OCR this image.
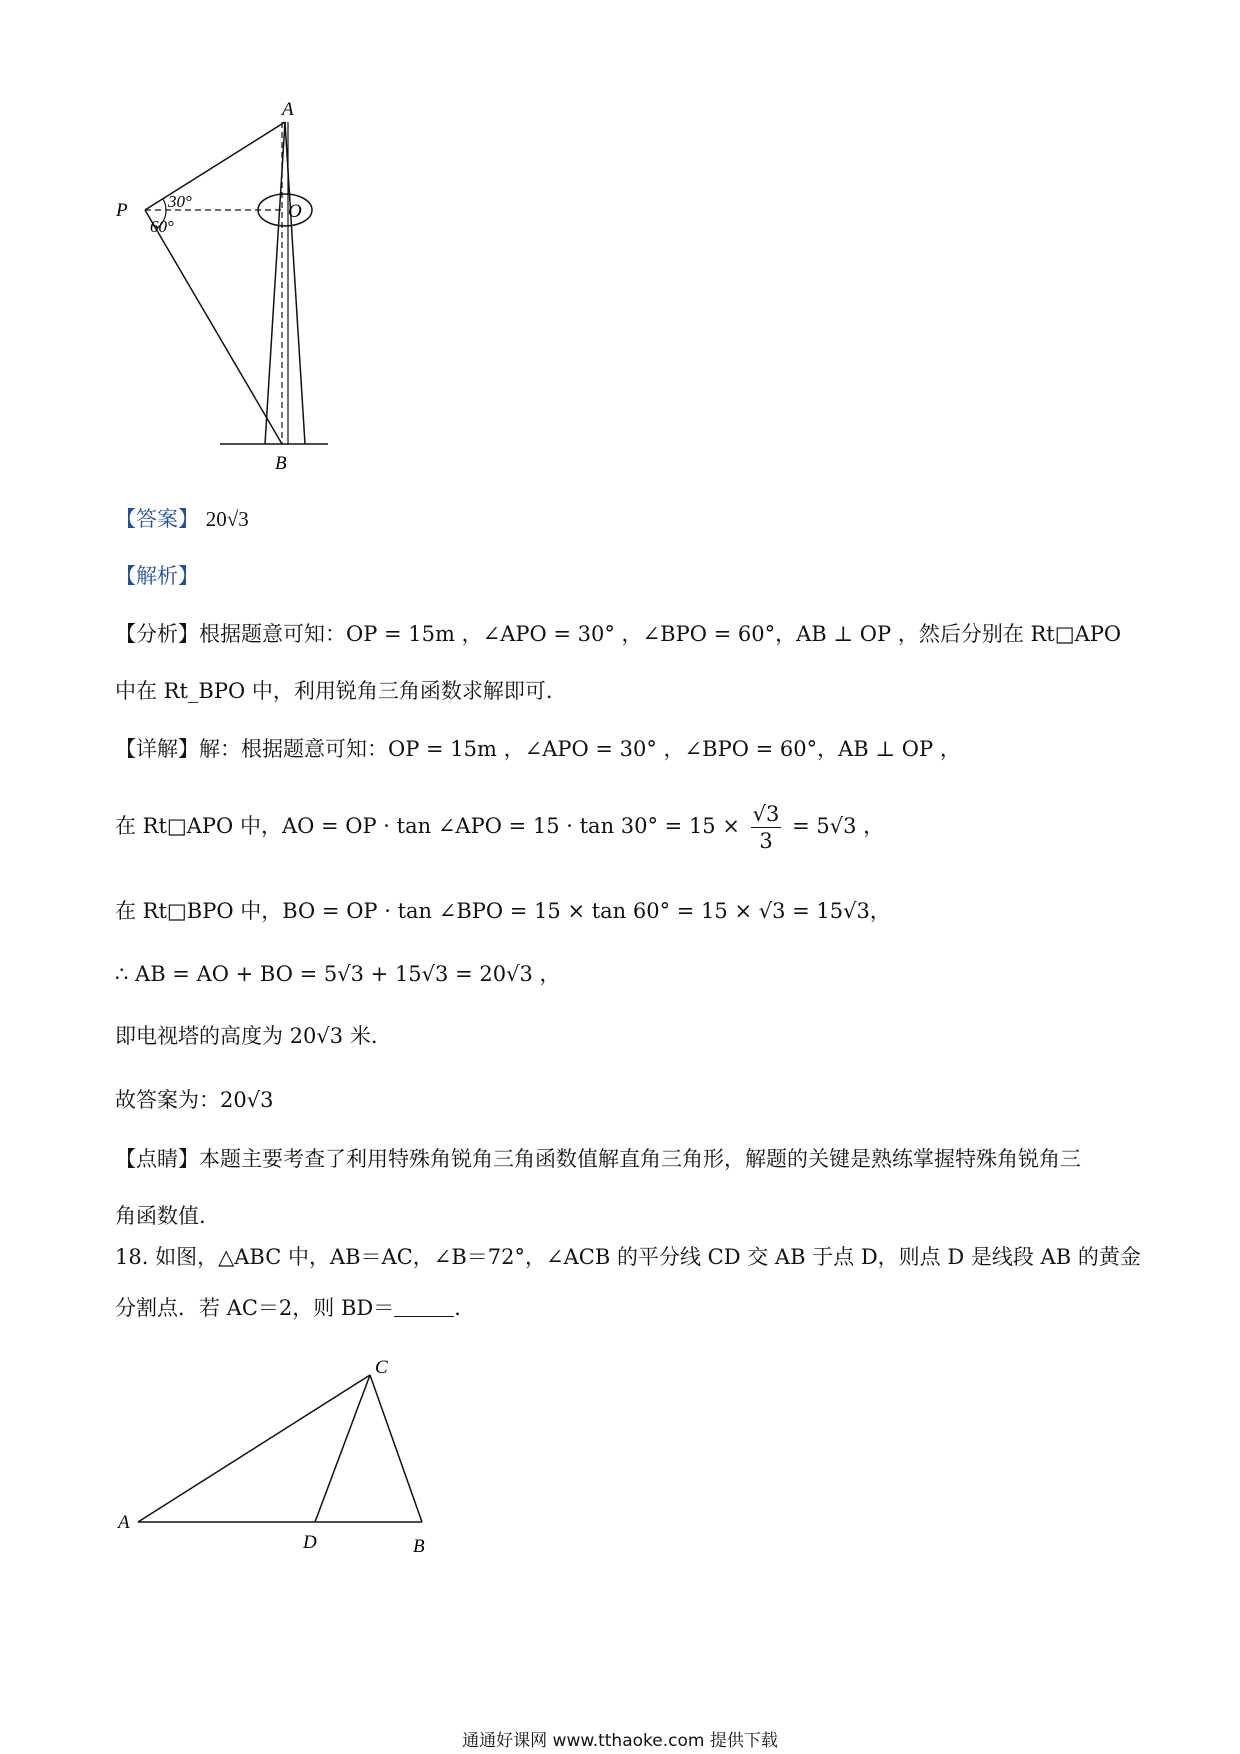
A
P	O
B
30°
60°
【答案】 20√3
【解析】
【分析】根据题意可知：OP = 15m ，∠APO = 30° ，∠BPO = 60°，AB ⊥ OP ，然后分别在 Rt□APO
中在 Rt_BPO 中，利用锐角三角函数求解即可.
【详解】解：根据题意可知：OP = 15m ，∠APO = 30° ，∠BPO = 60°，AB ⊥ OP ，
在 Rt□APO 中，AO = OP · tan ∠APO = $15 \cdot \tan 30^\circ = 15 \times \frac{√3}{3} = 5√3$ ，
在 Rt□BPO 中，BO = OP · tan ∠BPO = 15 × tan 60° = 15 × √3 = 15√3，
∴ AB = AO + BO = 5√3 + 15√3 = 20√3 ，
即电视塔的高度为 20√3 米.
故答案为：20√3
【点睛】本题主要考查了利用特殊角锐角三角函数值解直角三角形，解题的关键是熟练掌握特殊角锐角三
角函数值.
18. 如图，△ABC 中，AB＝AC，∠B＝72°，∠ACB 的平分线 CD 交 AB 于点 D，则点 D 是线段 AB 的黄金
分割点．若 AC＝2，则 BD＝	．
C
A
D	B
通通好课网 www.tthaoke.com 提供下载
